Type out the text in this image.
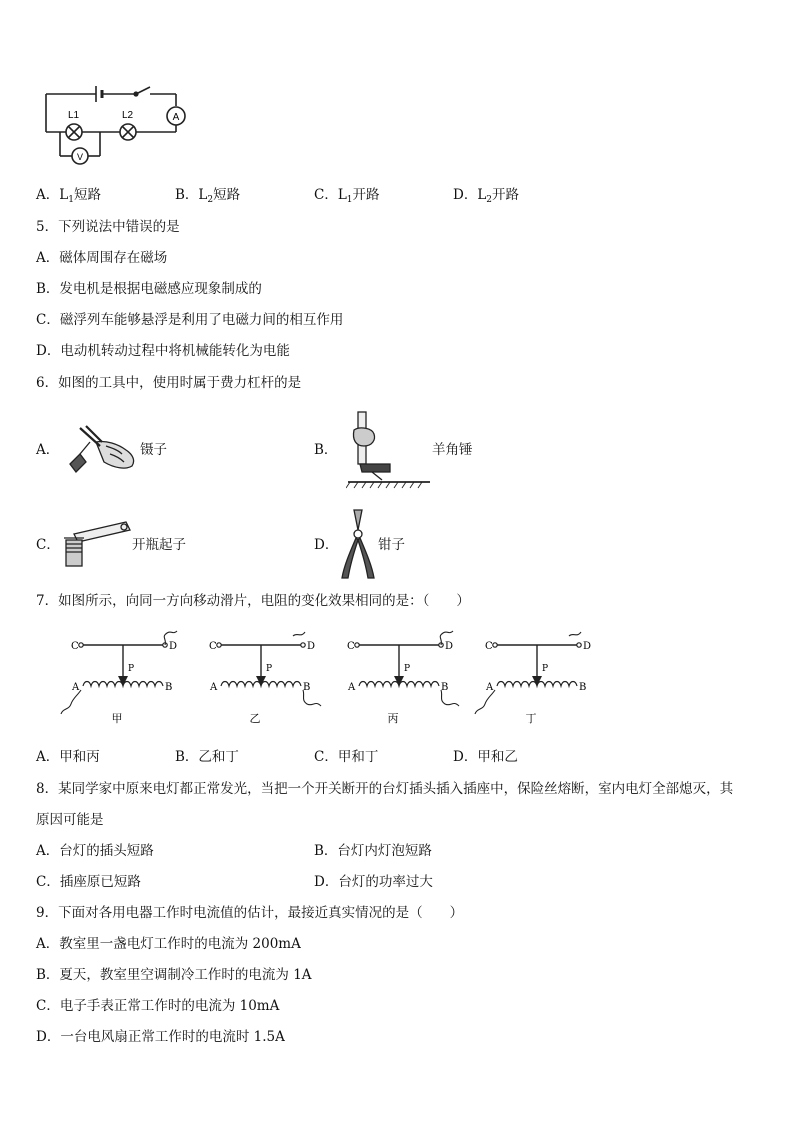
A
V
L1	L2
A．$L_1$短路	B．$L_2$短路	C．$L_1$开路	D．$L_2$开路
5．下列说法中错误的是
A．磁体周围存在磁场
B．发电机是根据电磁感应现象制成的
C．磁浮列车能够悬浮是利用了电磁力间的相互作用
D．电动机转动过程中将机械能转化为电能
6．如图的工具中，使用时属于费力杠杆的是
A．	镊子	B．	羊角锤
C．	开瓶起子	D．	钳子
7．如图所示，向同一方向移动滑片，电阻的变化效果相同的是：（　　）
C	D
P
A	B
甲
C	D
P
A	B
乙
C	D
P
A	B
丙
C	D
P
A	B
丁
A．甲和丙	B．乙和丁	C．甲和丁	D．甲和乙
8．某同学家中原来电灯都正常发光，当把一个开关断开的台灯插头插入插座中，保险丝熔断，室内电灯全部熄灭，其
原因可能是
A．台灯的插头短路	B．台灯内灯泡短路
C．插座原已短路	D．台灯的功率过大
9．下面对各用电器工作时电流值的估计，最接近真实情况的是（　　）
A．教室里一盏电灯工作时的电流为 200mA
B．夏天，教室里空调制冷工作时的电流为 1A
C．电子手表正常工作时的电流为 10mA
D．一台电风扇正常工作时的电流时 1.5A
